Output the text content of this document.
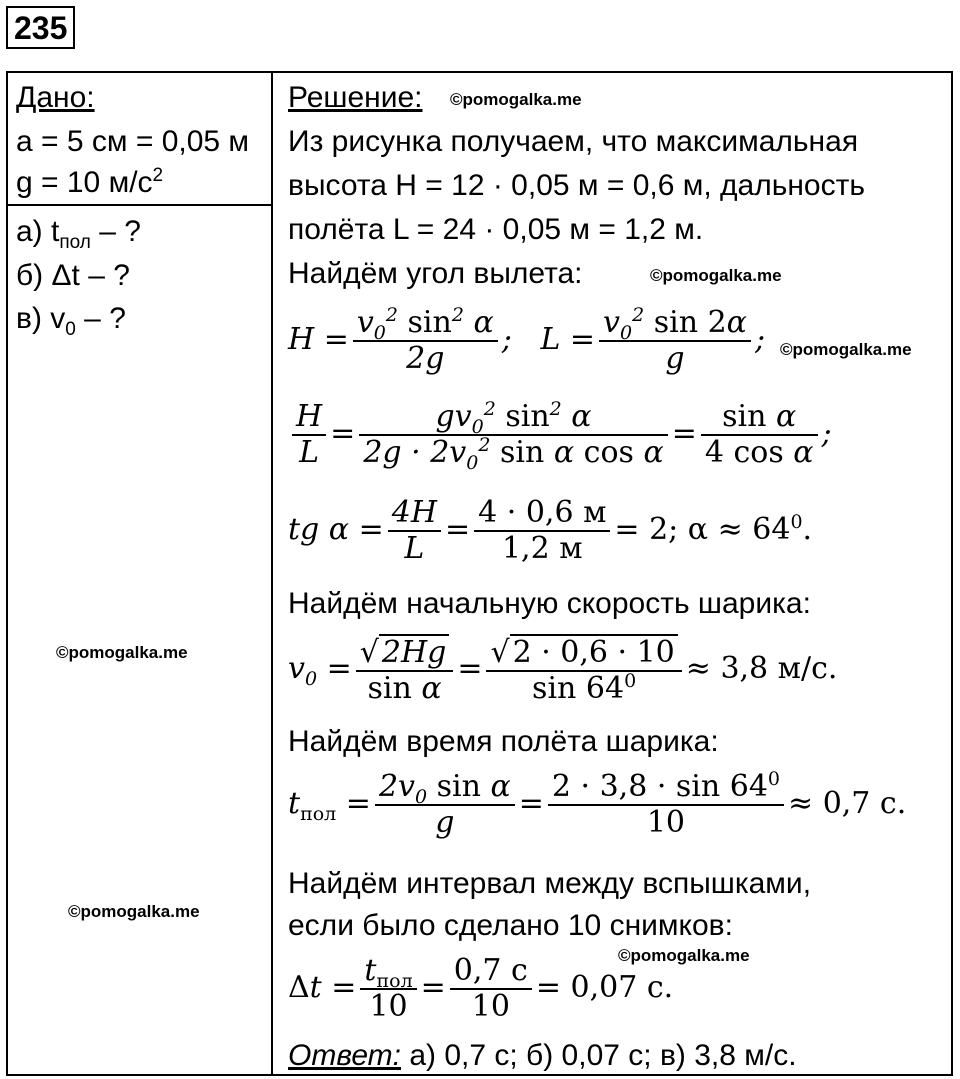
235
Дано:
a = 5 см = 0,05 м
g = 10 $м/с^2$
а) $t_{пол}$ – ?
б) Δt – ?
в) $v_0$ – ?
©pomogalka.me
©pomogalka.me
Решение: ©pomogalka.me
Из рисунка получаем, что максимальная
высота H = 12 · 0,05 м = 0,6 м, дальность
полёта L = 24 · 0,05 м = 1,2 м.
Найдём угол вылета:	©pomogalka.me
$H = \frac{v_0^2 \sin^2 \alpha}{2g}$ ;   $L = \frac{v_0^2 \sin 2\alpha}{g}$ ; ©pomogalka.me
$\frac{H}{L} = \frac{gv_0^2 \sin^2 \alpha}{2g \cdot 2v_0^2 \sin \alpha \cos \alpha} = \frac{\text{sin α}}{\text{4 cos α}}$ ;
tg $\alpha = \frac{4H}{L} = \frac{4 \cdot 0,6 м}{1,2 м} = 2$; $\alpha \approx 64^0$.
Найдём начальную скорость шарика:
$v_0 = \frac{√ 2Hg}{\text{sin α}} = \frac{√ 2 \cdot 0,6 \cdot 10}{\sin 64^0} \approx 3,8$ м/с.
Найдём время полёта шарика:
$t_{пол} = \frac{2v_0 \sin \alpha}{g} = \frac{2 \cdot 3,8 \cdot \sin 64^0}{10} \approx 0,7$ с.
Найдём интервал между вспышками,
если было сделано 10 снимков:
©pomogalka.me
$\Delta t = \frac{t_{пол}}{10} = \frac{0,7 с}{10} = 0,07$ с.
Ответ: а) 0,7 с; б) 0,07 с; в) 3,8 м/с.
